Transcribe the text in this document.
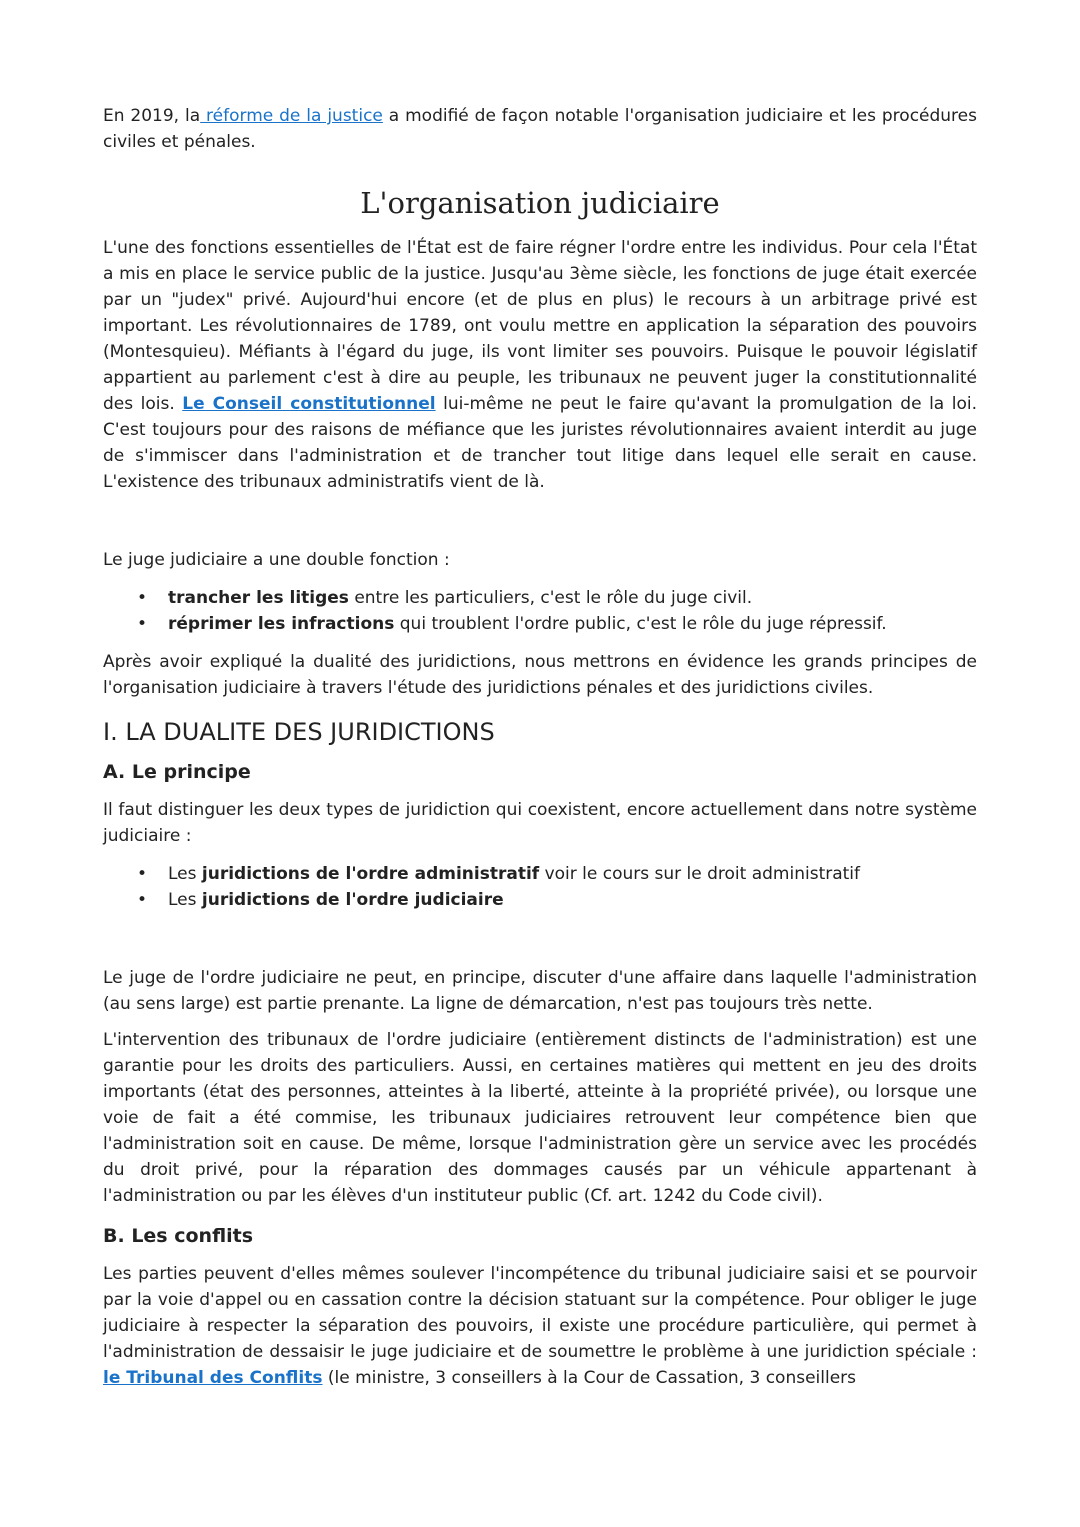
En 2019, la réforme de la justice a modifié de façon notable l'organisation judiciaire et les procédures civiles et pénales.

L'organisation judiciaire

L'une des fonctions essentielles de l'État est de faire régner l'ordre entre les individus. Pour cela l'État a mis en place le service public de la justice. Jusqu'au 3ème siècle, les fonctions de juge était exercée par un "judex" privé. Aujourd'hui encore (et de plus en plus) le recours à un arbitrage privé est important. Les révolutionnaires de 1789, ont voulu mettre en application la séparation des pouvoirs (Montesquieu). Méfiants à l'égard du juge, ils vont limiter ses pouvoirs. Puisque le pouvoir législatif appartient au parlement c'est à dire au peuple, les tribunaux ne peuvent juger la constitutionnalité des lois. Le Conseil constitutionnel lui-même ne peut le faire qu'avant la promulgation de la loi. C'est toujours pour des raisons de méfiance que les juristes révolutionnaires avaient interdit au juge de s'immiscer dans l'administration et de trancher tout litige dans lequel elle serait en cause. L'existence des tribunaux administratifs vient de là.

Le juge judiciaire a une double fonction :

• trancher les litiges entre les particuliers, c'est le rôle du juge civil.
• réprimer les infractions qui troublent l'ordre public, c'est le rôle du juge répressif.

Après avoir expliqué la dualité des juridictions, nous mettrons en évidence les grands principes de l'organisation judiciaire à travers l'étude des juridictions pénales et des juridictions civiles.

I. LA DUALITE DES JURIDICTIONS
A. Le principe

Il faut distinguer les deux types de juridiction qui coexistent, encore actuellement dans notre système judiciaire :

• Les juridictions de l'ordre administratif voir le cours sur le droit administratif
• Les juridictions de l'ordre judiciaire

Le juge de l'ordre judiciaire ne peut, en principe, discuter d'une affaire dans laquelle l'administration (au sens large) est partie prenante. La ligne de démarcation, n'est pas toujours très nette.

L'intervention des tribunaux de l'ordre judiciaire (entièrement distincts de l'administration) est une garantie pour les droits des particuliers. Aussi, en certaines matières qui mettent en jeu des droits importants (état des personnes, atteintes à la liberté, atteinte à la propriété privée), ou lorsque une voie de fait a été commise, les tribunaux judiciaires retrouvent leur compétence bien que l'administration soit en cause. De même, lorsque l'administration gère un service avec les procédés du droit privé, pour la réparation des dommages causés par un véhicule appartenant à l'administration ou par les élèves d'un instituteur public (Cf. art. 1242 du Code civil).

B. Les conflits

Les parties peuvent d'elles mêmes soulever l'incompétence du tribunal judiciaire saisi et se pourvoir par la voie d'appel ou en cassation contre la décision statuant sur la compétence. Pour obliger le juge judiciaire à respecter la séparation des pouvoirs, il existe une procédure particulière, qui permet à l'administration de dessaisir le juge judiciaire et de soumettre le problème à une juridiction spéciale : le Tribunal des Conflits (le ministre, 3 conseillers à la Cour de Cassation, 3 conseillers
